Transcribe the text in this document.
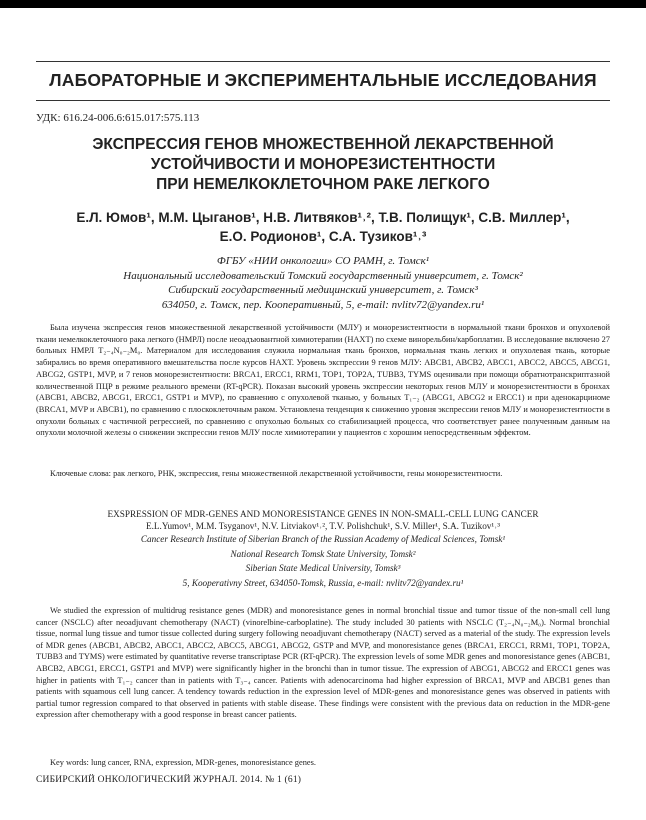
ЛАБОРАТОРНЫЕ И ЭКСПЕРИМЕНТАЛЬНЫЕ ИССЛЕДОВАНИЯ
УДК: 616.24-006.6:615.017:575.113
ЭКСПРЕССИЯ ГЕНОВ МНОЖЕСТВЕННОЙ ЛЕКАРСТВЕННОЙ
УСТОЙЧИВОСТИ И МОНОРЕЗИСТЕНТНОСТИ
ПРИ НЕМЕЛКОКЛЕТОЧНОМ РАКЕ ЛЕГКОГО
Е.Л. Юмов¹, М.М. Цыганов¹, Н.В. Литвяков¹˒², Т.В. Полищук¹, С.В. Миллер¹,
Е.О. Родионов¹, С.А. Тузиков¹˒³
ФГБУ «НИИ онкологии» СО РАМН, г. Томск¹
Национальный исследовательский Томский государственный университет, г. Томск²
Сибирский государственный медицинский университет, г. Томск³
634050, г. Томск, пер. Кооперативный, 5, e-mail: nvlitv72@yandex.ru¹

Была изучена экспрессия генов множественной лекарственной устойчивости (МЛУ) и монорезистентности в нормальной ткани бронхов и опухолевой ткани немелкоклеточного рака легкого (НМРЛ) после неоадъювантной химиотерапии (НАХТ) по схеме винорельбин/карбоплатин. В исследование включено 27 больных НМРЛ T₂₋₄N₀₋₂M₀. Материалом для исследования служила нормальная ткань бронхов, нормальная ткань легких и опухолевая ткань, которые забирались во время оперативного вмешательства после курсов НАХТ. Уровень экспрессии 9 генов МЛУ: ABCB1, ABCB2, ABCC1, ABCC2, ABCC5, ABCG1, ABCG2, GSTP1, MVP, и 7 генов монорезистентности: BRCA1, ERCC1, RRM1, TOP1, TOP2A, TUBB3, TYMS оценивали при помощи обратнотранскриптазной количественной ПЦР в режиме реального времени (RT-qPCR). Показан высокий уровень экспрессии некоторых генов МЛУ и монорезистентности в бронхах (ABCB1, ABCB2, ABCG1, ERCC1, GSTP1 и MVP), по сравнению с опухолевой тканью, у больных T₁₋₂ (ABCG1, ABCG2 и ERCC1) и при аденокарциноме (BRCA1, MVP и ABCB1), по сравнению с плоскоклеточным раком. Установлена тенденция к снижению уровня экспрессии генов МЛУ и монорезистентности в опухоли больных с частичной регрессией, по сравнению с опухолью больных со стабилизацией процесса, что соответствует ранее полученным данным на опухоли молочной железы о снижении экспрессии генов МЛУ после химиотерапии у пациентов с хорошим непосредственным эффектом.

Ключевые слова: рак легкого, РНК, экспрессия, гены множественной лекарственной устойчивости, гены монорезистентности.

EXSPRESSION OF MDR-GENES AND MONORESISTANCE GENES IN NON-SMALL-CELL LUNG CANCER
E.L.Yumov¹, M.M. Tsyganov¹, N.V. Litviakov¹˒², T.V. Polishchuk¹, S.V. Miller¹, S.A. Tuzikov¹˒³
Cancer Research Institute of Siberian Branch of the Russian Academy of Medical Sciences, Tomsk¹
National Research Tomsk State University, Tomsk²
Siberian State Medical University, Tomsk³
5, Kooperativny Street, 634050-Tomsk, Russia, e-mail: nvlitv72@yandex.ru¹

We studied the expression of multidrug resistance genes (MDR) and monoresistance genes in normal bronchial tissue and tumor tissue of the non-small cell lung cancer (NSCLC) after neoadjuvant chemotherapy (NACT) (vinorelbine-carboplatine). The study included 30 patients with NSCLC (T₂₋₄N₀₋₂M₀). Normal bronchial tissue, normal lung tissue and tumor tissue collected during surgery following neoadjuvant chemotherapy (NACT) served as a material of the study. The expression levels of MDR genes (ABCB1, ABCB2, ABCC1, ABCC2, ABCC5, ABCG1, ABCG2, GSTP and MVP, and monoresistance genes (BRCA1, ERCC1, RRM1, TOP1, TOP2A, TUBB3 and TYMS) were estimated by quantitative reverse transcriptase PCR (RT-qPCR). The expression levels of some MDR genes and monoresistance genes (ABCB1, ABCB2, ABCG1, ERCC1, GSTP1 and MVP) were significantly higher in the bronchi than in tumor tissue. The expression of ABCG1, ABCG2 and ERCC1 genes was higher in patients with T₁₋₂ cancer than in patients with T₃₋₄ cancer. Patients with adenocarcinoma had higher expression of BRCA1, MVP and ABCB1 genes than patients with squamous cell lung cancer. A tendency towards reduction in the expression level of MDR-genes and monoresistance genes was observed in patients with partial tumor regression compared to that observed in patients with stable disease. These findings were consistent with the previous data on reduction in the MDR-gene expression after chemotherapy with a good response in breast cancer patients.

Key words: lung cancer, RNA, expression, MDR-genes, monoresistance genes.

СИБИРСКИЙ ОНКОЛОГИЧЕСКИЙ ЖУРНАЛ. 2014. № 1 (61)
